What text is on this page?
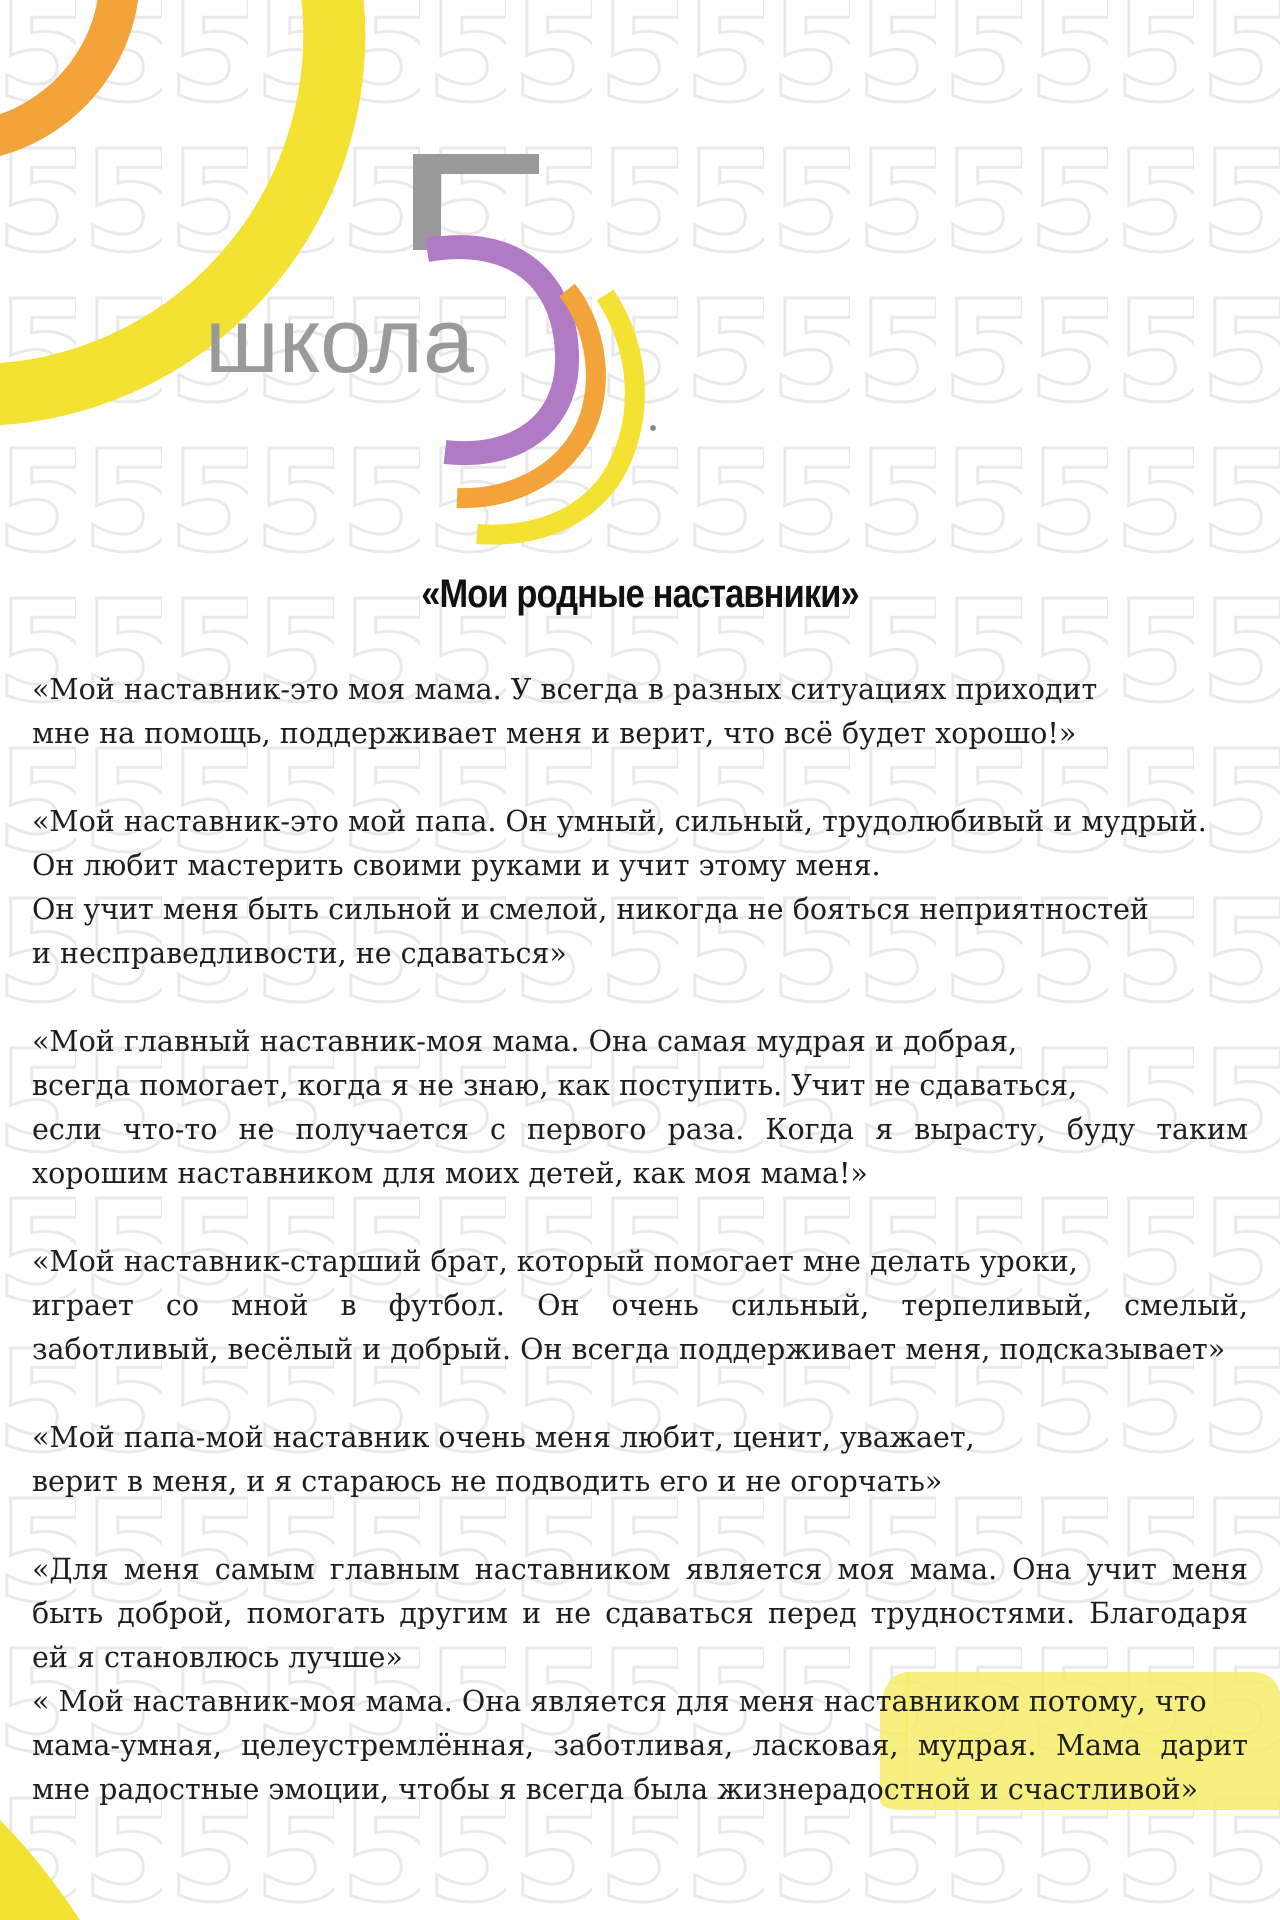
школа
«Мои родные наставники»
«Мой наставник-это моя мама. У всегда в разных ситуациях приходит
мне на помощь, поддерживает меня и верит, что всё будет хорошо!»
«Мой наставник-это мой папа. Он умный, сильный, трудолюбивый и мудрый.
Он любит мастерить своими руками и учит этому меня.
Он учит меня быть сильной и смелой, никогда не бояться неприятностей
и несправедливости, не сдаваться»
«Мой главный наставник-моя мама. Она самая мудрая и добрая,
всегда помогает, когда я не знаю, как поступить. Учит не сдаваться,
если что-то не получается с первого раза. Когда я вырасту, буду таким
хорошим наставником для моих детей, как моя мама!»
«Мой наставник-старший брат, который помогает мне делать уроки,
играет со мной в футбол. Он очень сильный, терпеливый, смелый,
заботливый, весёлый и добрый. Он всегда поддерживает меня, подсказывает»
«Мой папа-мой наставник очень меня любит, ценит, уважает,
верит в меня, и я стараюсь не подводить его и не огорчать»
«Для меня самым главным наставником является моя мама. Она учит меня
быть доброй, помогать другим и не сдаваться перед трудностями. Благодаря
ей я становлюсь лучше»
« Мой наставник-моя мама. Она является для меня наставником потому, что
мама-умная, целеустремлённая, заботливая, ласковая, мудрая. Мама дарит
мне радостные эмоции, чтобы я всегда была жизнерадостной и счастливой»
